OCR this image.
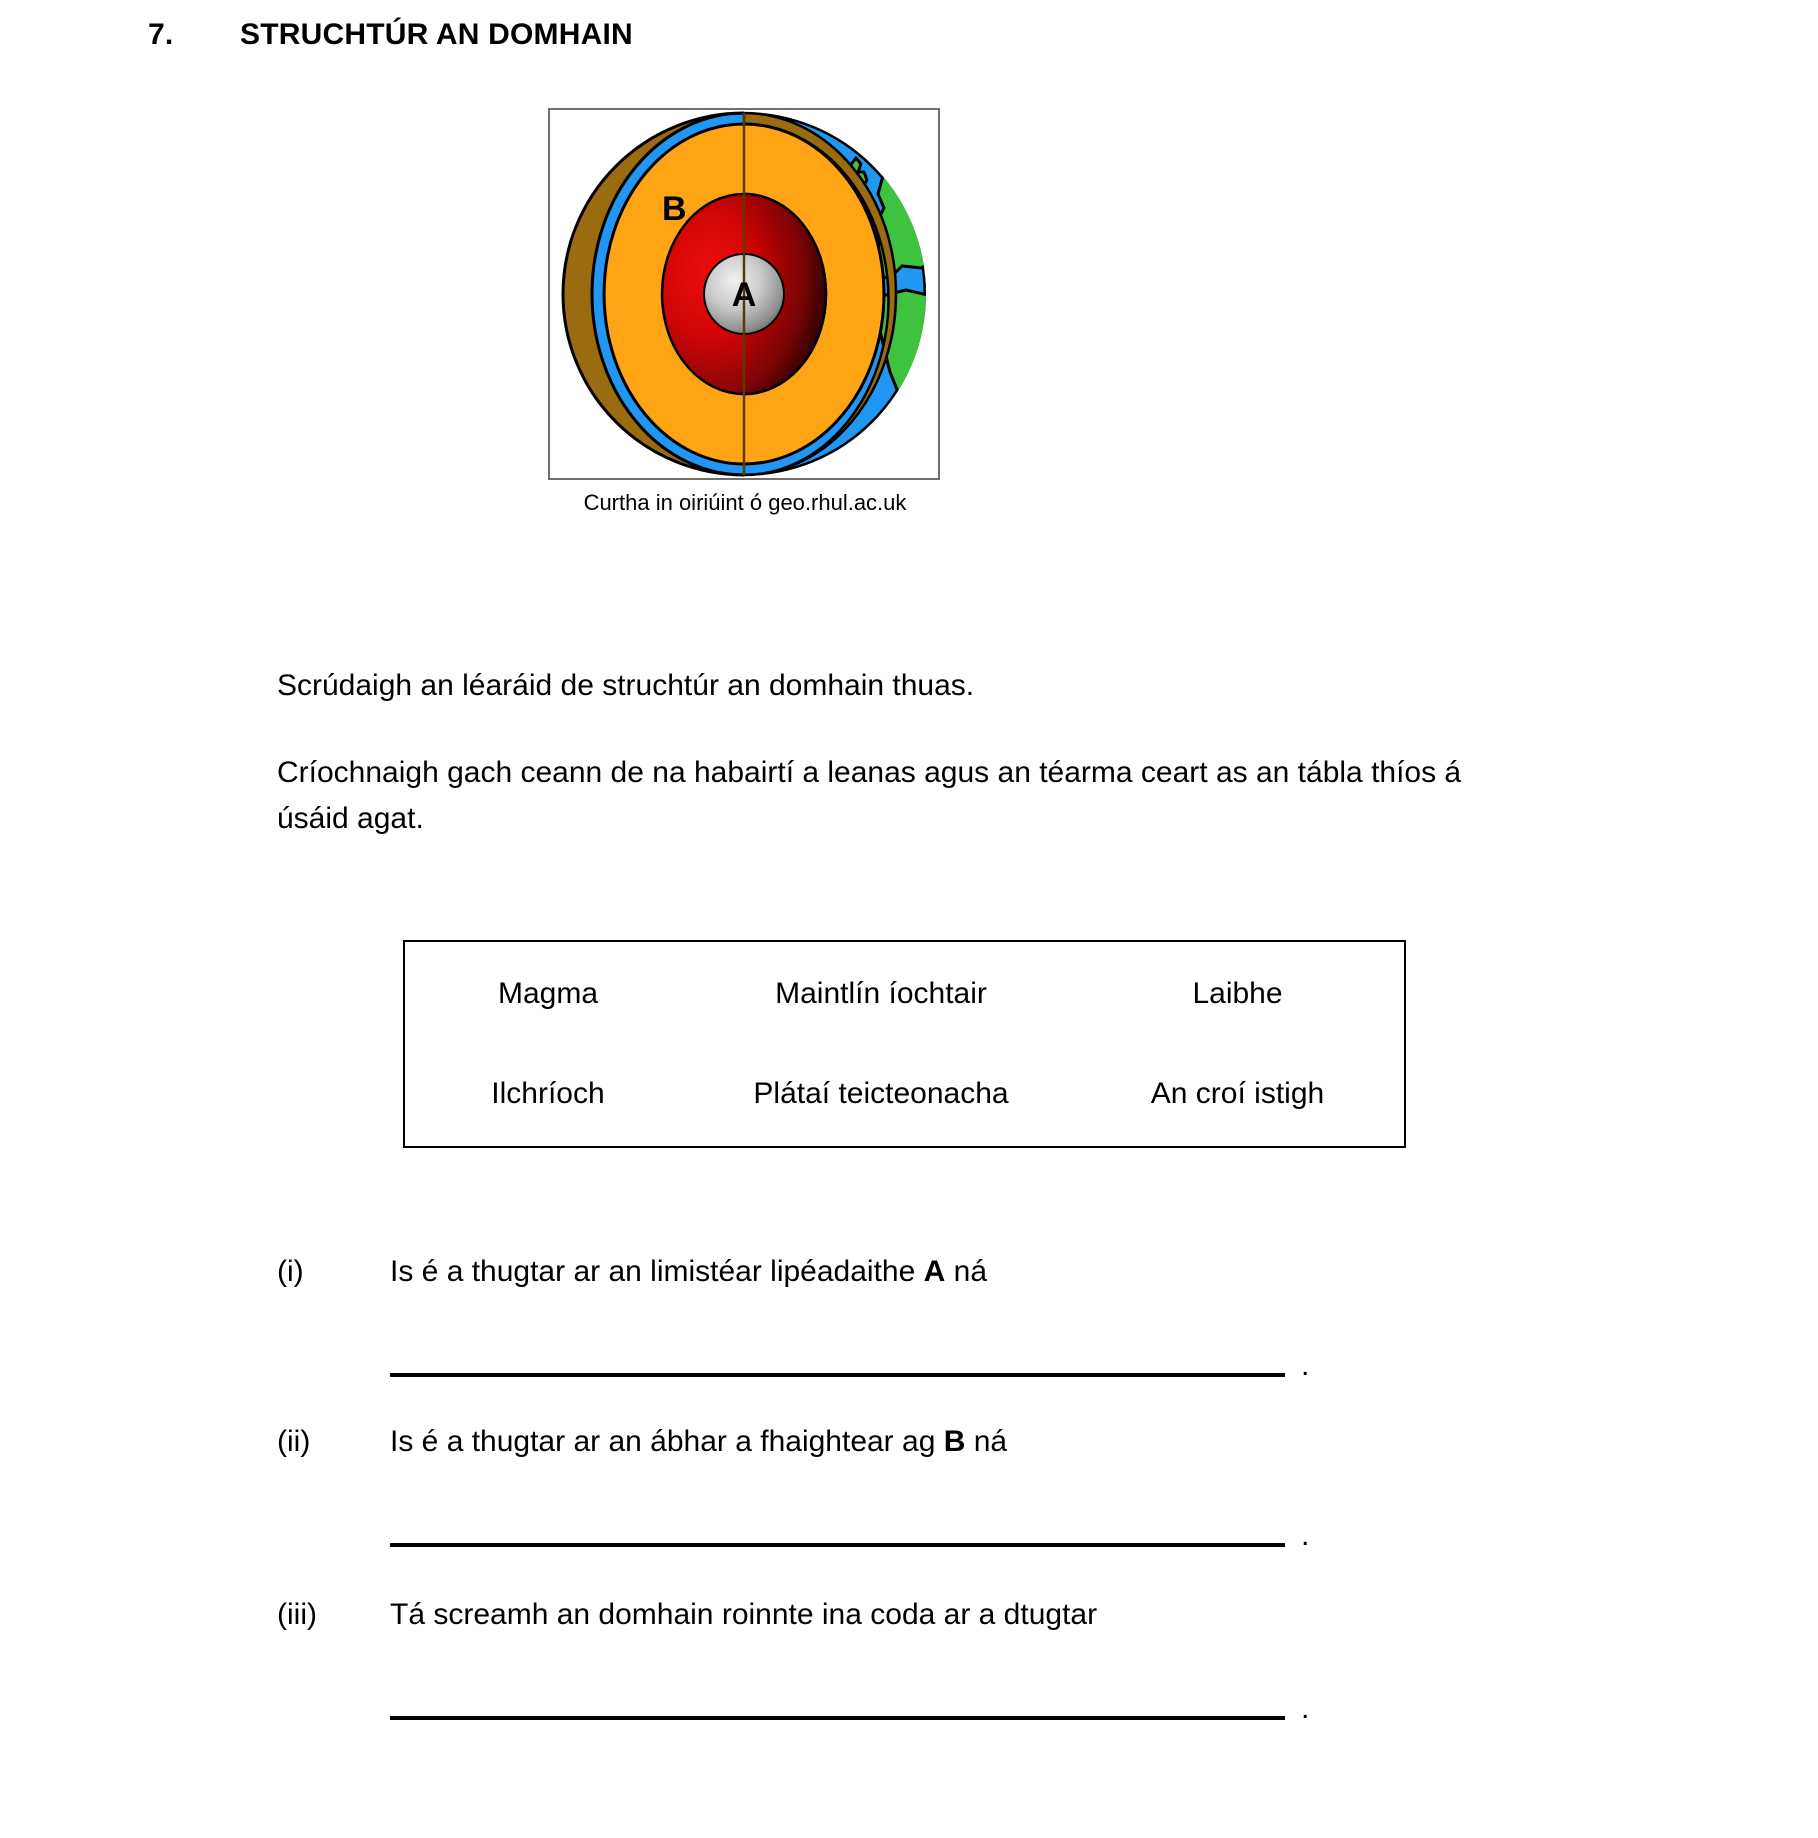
7.	STRUCHTÚR AN DOMHAIN
B
A
Curtha in oiriúint ó geo.rhul.ac.uk
Scrúdaigh an léaráid de struchtúr an domhain thuas.
Críochnaigh gach ceann de na habairtí a leanas agus an téarma ceart as an tábla thíos á úsáid agat.
Magma	Maintlín íochtair	Laibhe
Ilchríoch	Plátaí teicteonacha	An croí istigh
(i)	Is é a thugtar ar an limistéar lipéadaithe A ná
.
(ii)	Is é a thugtar ar an ábhar a fhaightear ag B ná
.
(iii)	Tá screamh an domhain roinnte ina coda ar a dtugtar
.
